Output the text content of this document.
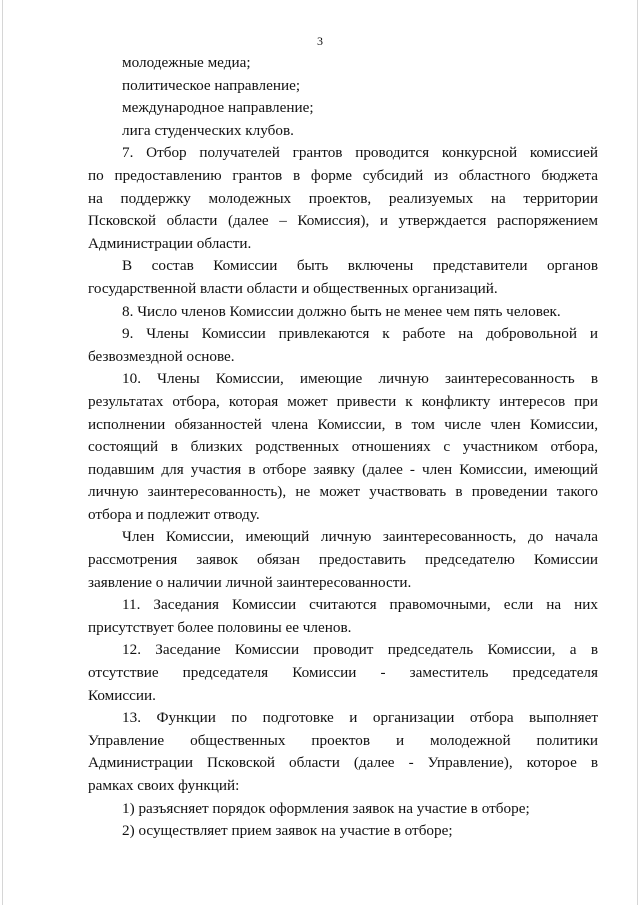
3
молодежные медиа;
политическое направление;
международное направление;
лига студенческих клубов.
7. Отбор получателей грантов проводится конкурсной комиссией
по предоставлению грантов в форме субсидий из областного бюджета
на поддержку молодежных проектов, реализуемых на территории
Псковской области (далее – Комиссия), и утверждается распоряжением
Администрации области.
В состав Комиссии быть включены представители органов
государственной власти области и общественных организаций.
8. Число членов Комиссии должно быть не менее чем пять человек.
9. Члены Комиссии привлекаются к работе на добровольной и
безвозмездной основе.
10. Члены Комиссии, имеющие личную заинтересованность в
результатах отбора, которая может привести к конфликту интересов при
исполнении обязанностей члена Комиссии, в том числе член Комиссии,
состоящий в близких родственных отношениях с участником отбора,
подавшим для участия в отборе заявку (далее - член Комиссии, имеющий
личную заинтересованность), не может участвовать в проведении такого
отбора и подлежит отводу.
Член Комиссии, имеющий личную заинтересованность, до начала
рассмотрения заявок обязан предоставить председателю Комиссии
заявление о наличии личной заинтересованности.
11. Заседания Комиссии считаются правомочными, если на них
присутствует более половины ее членов.
12. Заседание Комиссии проводит председатель Комиссии, а в
отсутствие председателя Комиссии - заместитель председателя
Комиссии.
13. Функции по подготовке и организации отбора выполняет
Управление общественных проектов и молодежной политики
Администрации Псковской области (далее - Управление), которое в
рамках своих функций:
1) разъясняет порядок оформления заявок на участие в отборе;
2) осуществляет прием заявок на участие в отборе;
